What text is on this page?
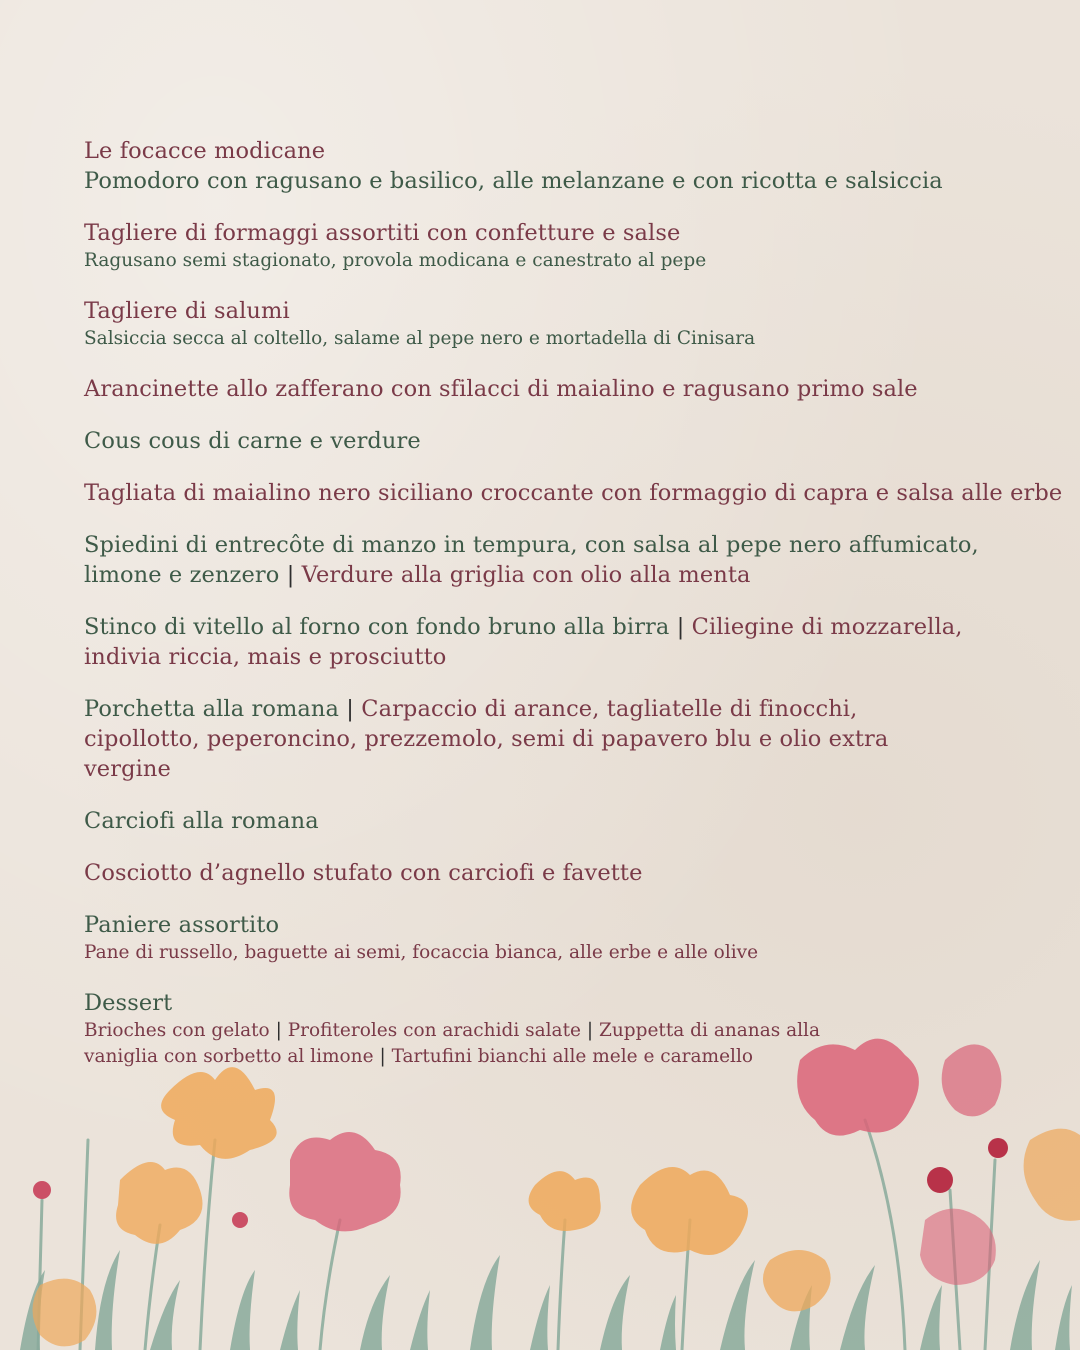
Le focacce modicane
Pomodoro con ragusano e basilico, alle melanzane e con ricotta e salsiccia
Tagliere di formaggi assortiti con confetture e salse
Ragusano semi stagionato, provola modicana e canestrato al pepe
Tagliere di salumi
Salsiccia secca al coltello, salame al pepe nero e mortadella di Cinisara
Arancinette allo zafferano con sfilacci di maialino e ragusano primo sale
Cous cous di carne e verdure
Tagliata di maialino nero siciliano croccante con formaggio di capra e salsa alle erbe
Spiedini di entrecôte di manzo in tempura, con salsa al pepe nero affumicato, limone e zenzero | Verdure alla griglia con olio alla menta
Stinco di vitello al forno con fondo bruno alla birra | Ciliegine di mozzarella, indivia riccia, mais e prosciutto
Porchetta alla romana | Carpaccio di arance, tagliatelle di finocchi, cipollotto, peperoncino, prezzemolo, semi di papavero blu e olio extra vergine
Carciofi alla romana
Cosciotto d’agnello stufato con carciofi e favette
Paniere assortito
Pane di russello, baguette ai semi, focaccia bianca, alle erbe e alle olive
Dessert
Brioches con gelato | Profiteroles con arachidi salate | Zuppetta di ananas alla
vaniglia con sorbetto al limone | Tartufini bianchi alle mele e caramello
